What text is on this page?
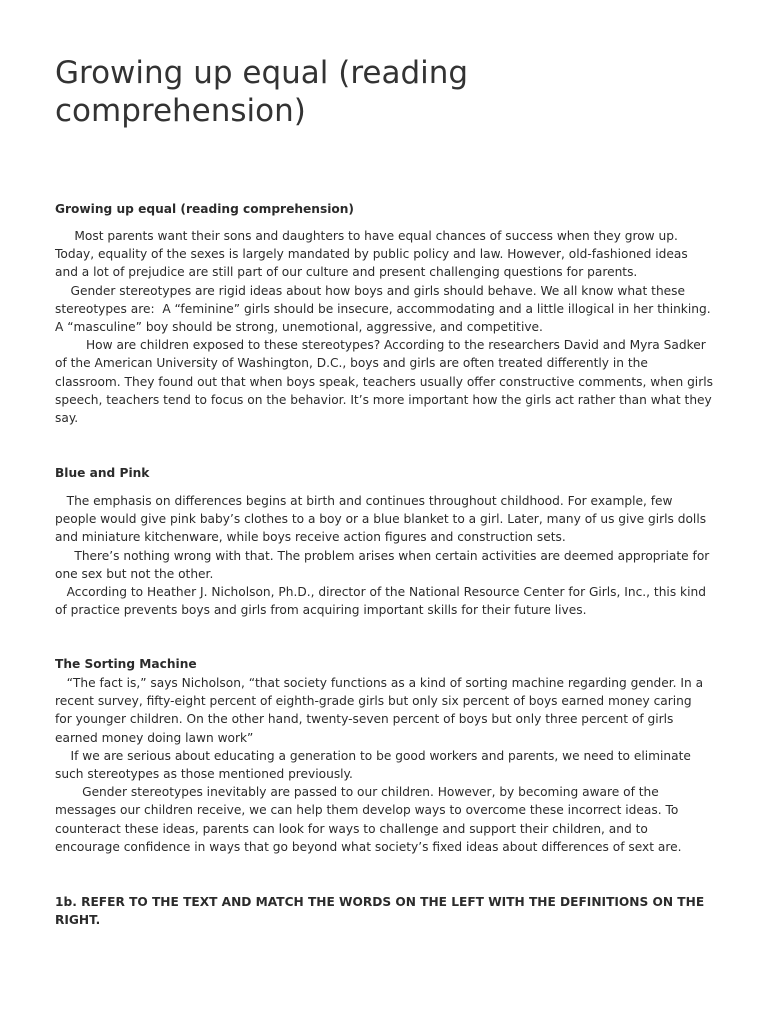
Growing up equal (reading
comprehension)
Growing up equal (reading comprehension)
Most parents want their sons and daughters to have equal chances of success when they grow up.
Today, equality of the sexes is largely mandated by public policy and law. However, old-fashioned ideas
and a lot of prejudice are still part of our culture and present challenging questions for parents.
Gender stereotypes are rigid ideas about how boys and girls should behave. We all know what these
stereotypes are:  A “feminine” girls should be insecure, accommodating and a little illogical in her thinking.
A “masculine” boy should be strong, unemotional, aggressive, and competitive.
How are children exposed to these stereotypes? According to the researchers David and Myra Sadker
of the American University of Washington, D.C., boys and girls are often treated differently in the
classroom. They found out that when boys speak, teachers usually offer constructive comments, when girls
speech, teachers tend to focus on the behavior. It’s more important how the girls act rather than what they
say.
Blue and Pink
The emphasis on differences begins at birth and continues throughout childhood. For example, few
people would give pink baby’s clothes to a boy or a blue blanket to a girl. Later, many of us give girls dolls
and miniature kitchenware, while boys receive action figures and construction sets.
There’s nothing wrong with that. The problem arises when certain activities are deemed appropriate for
one sex but not the other.
According to Heather J. Nicholson, Ph.D., director of the National Resource Center for Girls, Inc., this kind
of practice prevents boys and girls from acquiring important skills for their future lives.
The Sorting Machine
“The fact is,” says Nicholson, “that society functions as a kind of sorting machine regarding gender. In a
recent survey, fifty-eight percent of eighth-grade girls but only six percent of boys earned money caring
for younger children. On the other hand, twenty-seven percent of boys but only three percent of girls
earned money doing lawn work”
If we are serious about educating a generation to be good workers and parents, we need to eliminate
such stereotypes as those mentioned previously.
Gender stereotypes inevitably are passed to our children. However, by becoming aware of the
messages our children receive, we can help them develop ways to overcome these incorrect ideas. To
counteract these ideas, parents can look for ways to challenge and support their children, and to
encourage confidence in ways that go beyond what society’s fixed ideas about differences of sext are.
1b. REFER TO THE TEXT AND MATCH THE WORDS ON THE LEFT WITH THE DEFINITIONS ON THE
RIGHT.
